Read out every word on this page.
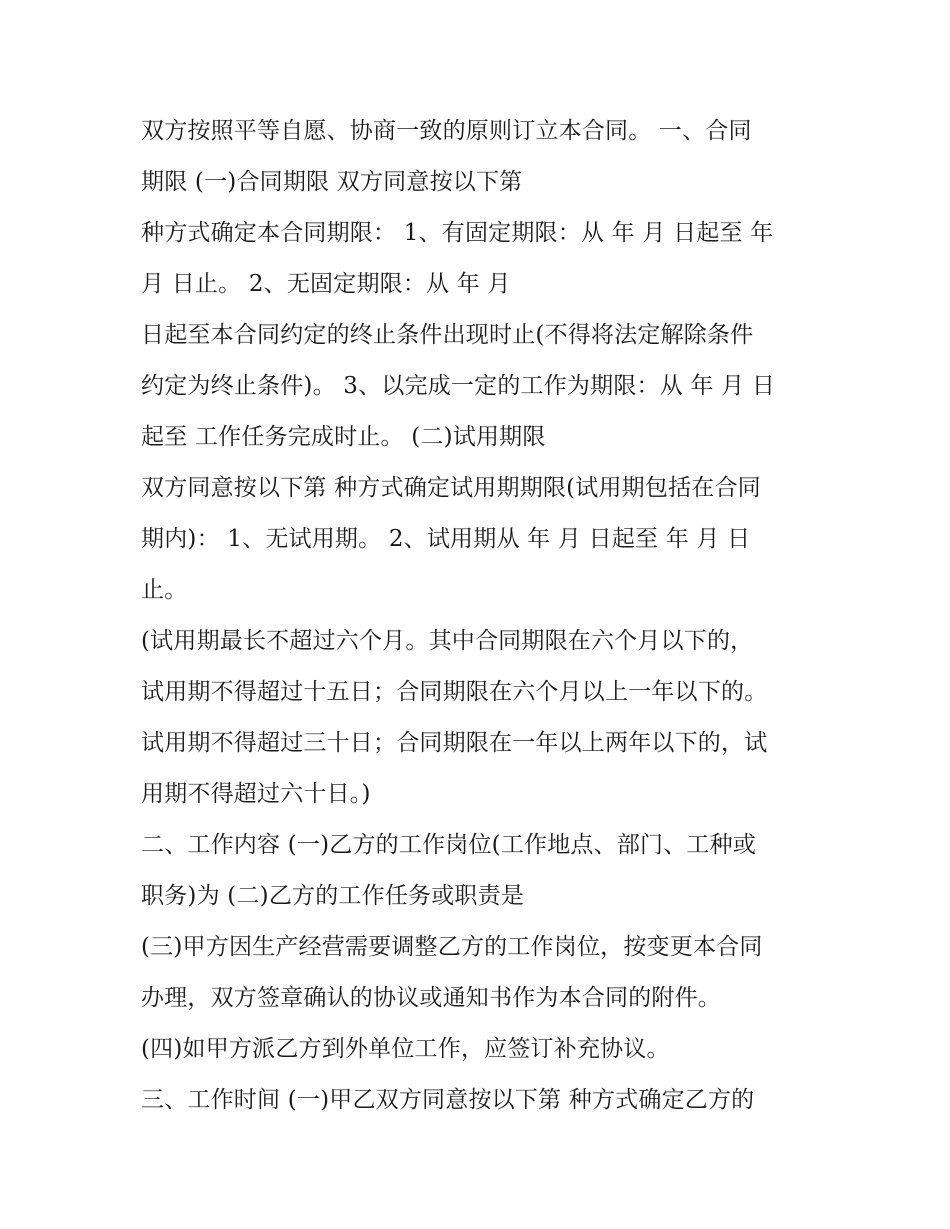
双方按照平等自愿、协商一致的原则订立本合同。 一、合同
期限 (一)合同期限 双方同意按以下第
种方式确定本合同期限： 1、有固定期限：从 年 月 日起至 年
月 日止。 2、无固定期限：从 年 月
日起至本合同约定的终止条件出现时止(不得将法定解除条件
约定为终止条件)。 3、以完成一定的工作为期限：从 年 月 日
起至 工作任务完成时止。 (二)试用期限
双方同意按以下第 种方式确定试用期期限(试用期包括在合同
期内)： 1、无试用期。 2、试用期从 年 月 日起至 年 月 日
止。
(试用期最长不超过六个月。其中合同期限在六个月以下的，
试用期不得超过十五日；合同期限在六个月以上一年以下的。
试用期不得超过三十日；合同期限在一年以上两年以下的，试
用期不得超过六十日。)
二、工作内容 (一)乙方的工作岗位(工作地点、部门、工种或
职务)为 (二)乙方的工作任务或职责是
(三)甲方因生产经营需要调整乙方的工作岗位，按变更本合同
办理，双方签章确认的协议或通知书作为本合同的附件。
(四)如甲方派乙方到外单位工作，应签订补充协议。
三、工作时间 (一)甲乙双方同意按以下第 种方式确定乙方的
